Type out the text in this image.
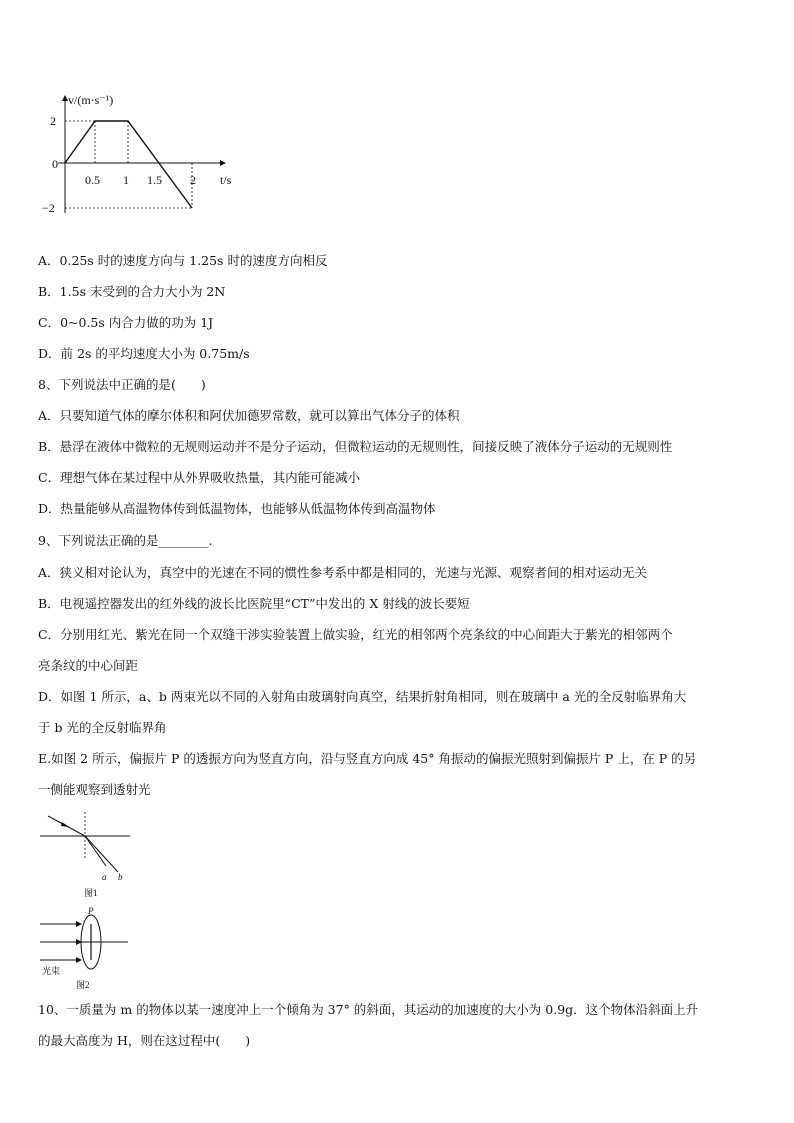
v/(m·s⁻¹)
t/s
0
2
−2
0.5 1 1.5 2
A．0.25s 时的速度方向与 1.25s 时的速度方向相反
B．1.5s 末受到的合力大小为 2N
C．0~0.5s 内合力做的功为 1J
D．前 2s 的平均速度大小为 0.75m/s
8、下列说法中正确的是(　　)
A．只要知道气体的摩尔体积和阿伏加德罗常数，就可以算出气体分子的体积
B．悬浮在液体中微粒的无规则运动并不是分子运动，但微粒运动的无规则性，间接反映了液体分子运动的无规则性
C．理想气体在某过程中从外界吸收热量，其内能可能减小
D．热量能够从高温物体传到低温物体，也能够从低温物体传到高温物体
9、下列说法正确的是________.
A．狭义相对论认为，真空中的光速在不同的惯性参考系中都是相同的，光速与光源、观察者间的相对运动无关
B．电视遥控器发出的红外线的波长比医院里“CT”中发出的 X 射线的波长要短
C．分别用红光、紫光在同一个双缝干涉实验装置上做实验，红光的相邻两个亮条纹的中心间距大于紫光的相邻两个
亮条纹的中心间距
D．如图 1 所示，a、b 两束光以不同的入射角由玻璃射向真空，结果折射角相同，则在玻璃中 a 光的全反射临界角大
于 b 光的全反射临界角
E.如图 2 所示，偏振片 P 的透振方向为竖直方向，沿与竖直方向成 45° 角振动的偏振光照射到偏振片 P 上，在 P 的另
一侧能观察到透射光
a b
图1
P
光束
图2
10、一质量为 m 的物体以某一速度冲上一个倾角为 37° 的斜面，其运动的加速度的大小为 0.9g．这个物体沿斜面上升
的最大高度为 H，则在这过程中(　　)
